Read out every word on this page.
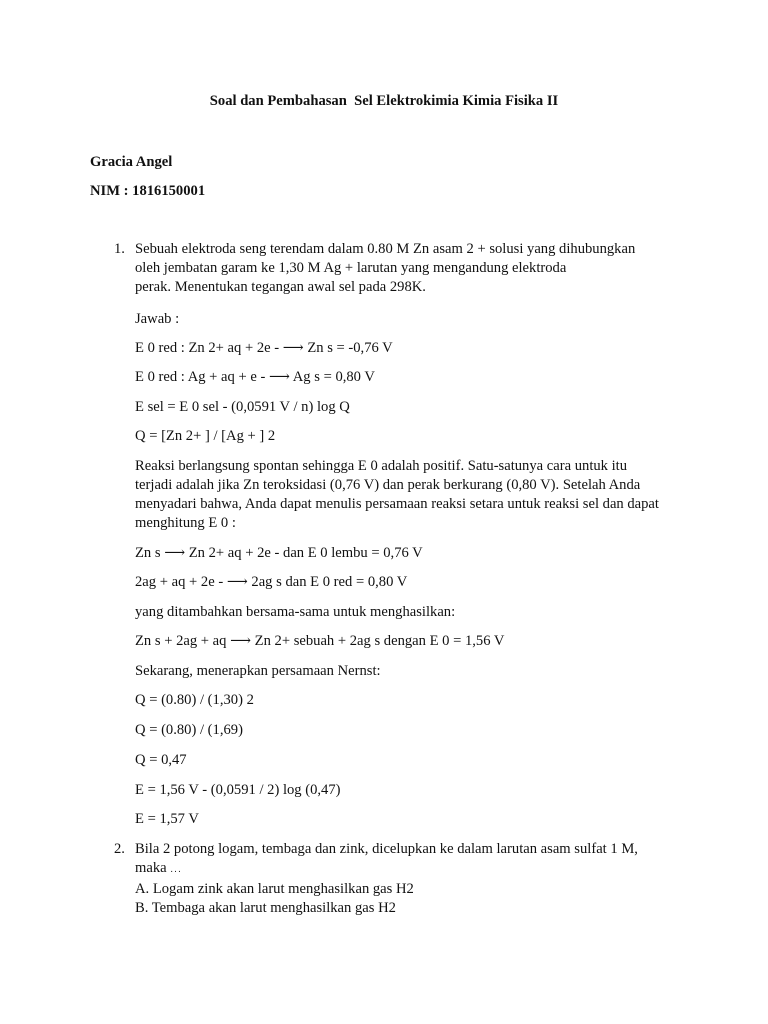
Soal dan Pembahasan  Sel Elektrokimia Kimia Fisika II
Gracia Angel
NIM : 1816150001
1. Sebuah elektroda seng terendam dalam 0.80 M Zn asam 2 + solusi yang dihubungkan
oleh jembatan garam ke 1,30 M Ag + larutan yang mengandung elektroda
perak. Menentukan tegangan awal sel pada 298K.
Jawab :
E 0 red : Zn 2+ aq + 2e - ⟶ Zn s = -0,76 V
E 0 red : Ag + aq + e - ⟶ Ag s = 0,80 V
E sel = E 0 sel - (0,0591 V / n) log Q
Q = [Zn 2+ ] / [Ag + ] 2
Reaksi berlangsung spontan sehingga E 0 adalah positif. Satu-satunya cara untuk itu
terjadi adalah jika Zn teroksidasi (0,76 V) dan perak berkurang (0,80 V). Setelah Anda
menyadari bahwa, Anda dapat menulis persamaan reaksi setara untuk reaksi sel dan dapat
menghitung E 0 :
Zn s ⟶ Zn 2+ aq + 2e - dan E 0 lembu = 0,76 V
2ag + aq + 2e - ⟶ 2ag s dan E 0 red = 0,80 V
yang ditambahkan bersama-sama untuk menghasilkan:
Zn s + 2ag + aq ⟶ Zn 2+ sebuah + 2ag s dengan E 0 = 1,56 V
Sekarang, menerapkan persamaan Nernst:
Q = (0.80) / (1,30) 2
Q = (0.80) / (1,69)
Q = 0,47
E = 1,56 V - (0,0591 / 2) log (0,47)
E = 1,57 V
2. Bila 2 potong logam, tembaga dan zink, dicelupkan ke dalam larutan asam sulfat 1 M,
maka ...
A. Logam zink akan larut menghasilkan gas H2
B. Tembaga akan larut menghasilkan gas H2
